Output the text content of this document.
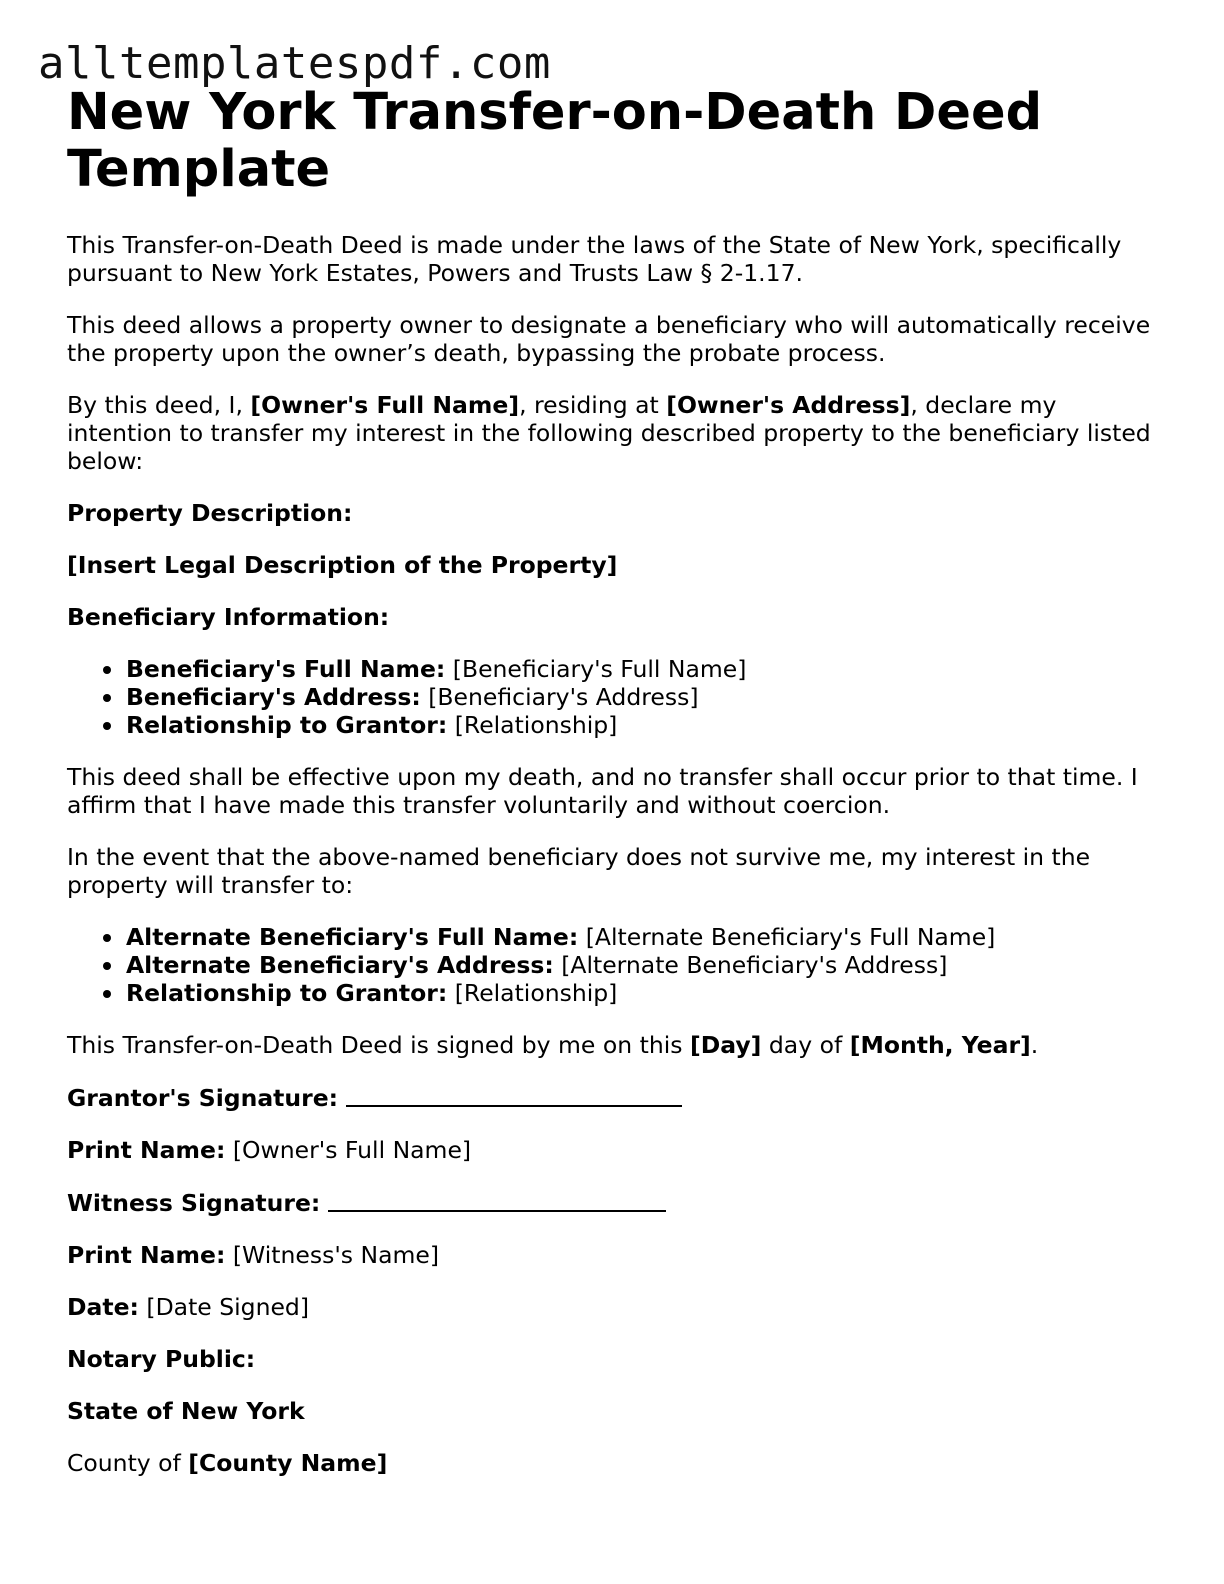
alltemplatespdf.com
New York Transfer-on-Death Deed Template

This Transfer-on-Death Deed is made under the laws of the State of New York, specifically pursuant to New York Estates, Powers and Trusts Law § 2-1.17.

This deed allows a property owner to designate a beneficiary who will automatically receive the property upon the owner’s death, bypassing the probate process.

By this deed, I, [Owner's Full Name], residing at [Owner's Address], declare my intention to transfer my interest in the following described property to the beneficiary listed below:

Property Description:

[Insert Legal Description of the Property]

Beneficiary Information:

Beneficiary's Full Name: [Beneficiary's Full Name]
Beneficiary's Address: [Beneficiary's Address]
Relationship to Grantor: [Relationship]

This deed shall be effective upon my death, and no transfer shall occur prior to that time. I affirm that I have made this transfer voluntarily and without coercion.

In the event that the above-named beneficiary does not survive me, my interest in the property will transfer to:

Alternate Beneficiary's Full Name: [Alternate Beneficiary's Full Name]
Alternate Beneficiary's Address: [Alternate Beneficiary's Address]
Relationship to Grantor: [Relationship]

This Transfer-on-Death Deed is signed by me on this [Day] day of [Month, Year].

Grantor's Signature:

Print Name: [Owner's Full Name]

Witness Signature:

Print Name: [Witness's Name]

Date: [Date Signed]

Notary Public:

State of New York

County of [County Name]
